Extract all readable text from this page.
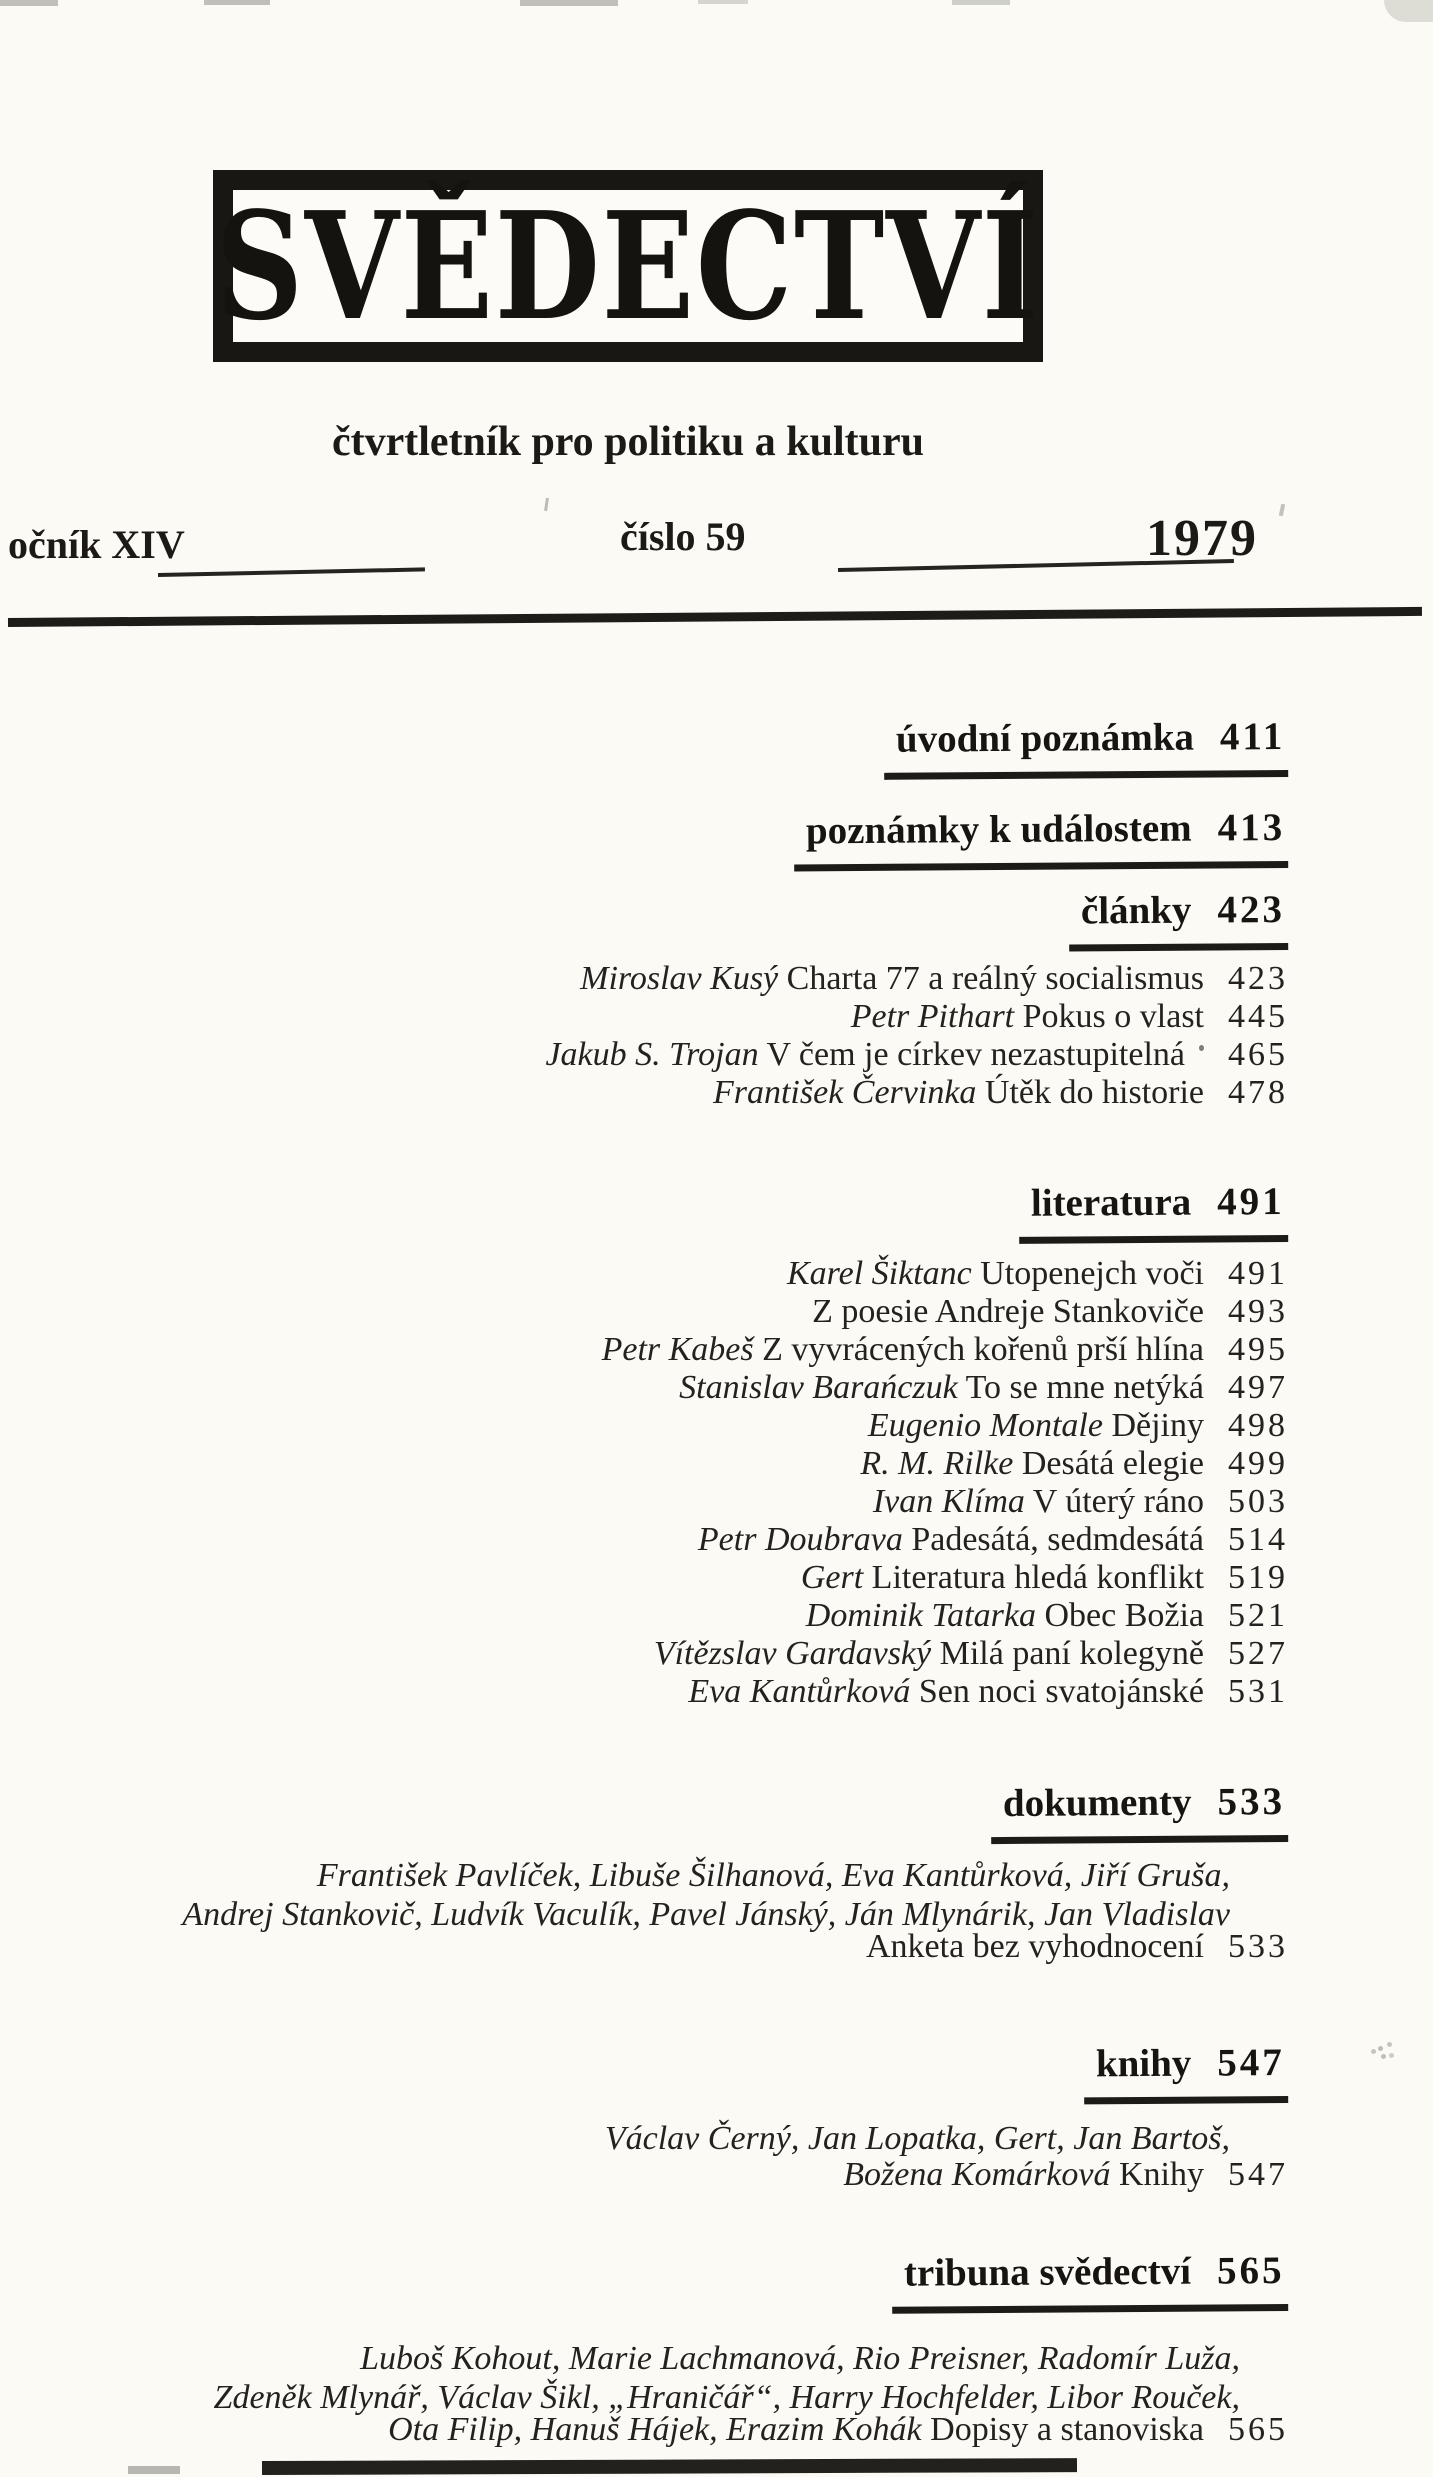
SVĚDECTVÍ
čtvrtletník pro politiku a kulturu
očník XIV	číslo 59	1979
úvodní poznámka 411
poznámky k událostem 413
články 423
Miroslav Kusý Charta 77 a reálný socialismus 423
Petr Pithart Pokus o vlast 445
Jakub S. Trojan V čem je církev nezastupitelná 465
František Červinka Útěk do historie 478
literatura 491
Karel Šiktanc Utopenejch voči 491
Z poesie Andreje Stankoviče 493
Petr Kabeš Z vyvrácených kořenů prší hlína 495
Stanislav Barańczuk To se mne netýká 497
Eugenio Montale Dějiny 498
R. M. Rilke Desátá elegie 499
Ivan Klíma V úterý ráno 503
Petr Doubrava Padesátá, sedmdesátá 514
Gert Literatura hledá konflikt 519
Dominik Tatarka Obec Božia 521
Vítězslav Gardavský Milá paní kolegyně 527
Eva Kantůrková Sen noci svatojánské 531
dokumenty 533
František Pavlíček, Libuše Šilhanová, Eva Kantůrková, Jiří Gruša,
Andrej Stankovič, Ludvík Vaculík, Pavel Jánský, Ján Mlynárik, Jan Vladislav
Anketa bez vyhodnocení 533
knihy 547
Václav Černý, Jan Lopatka, Gert, Jan Bartoš,
Božena Komárková Knihy 547
tribuna svědectví 565
Luboš Kohout, Marie Lachmanová, Rio Preisner, Radomír Luža,
Zdeněk Mlynář, Václav Šikl, „Hraničář“, Harry Hochfelder, Libor Rouček,
Ota Filip, Hanuš Hájek, Erazim Kohák Dopisy a stanoviska 565
